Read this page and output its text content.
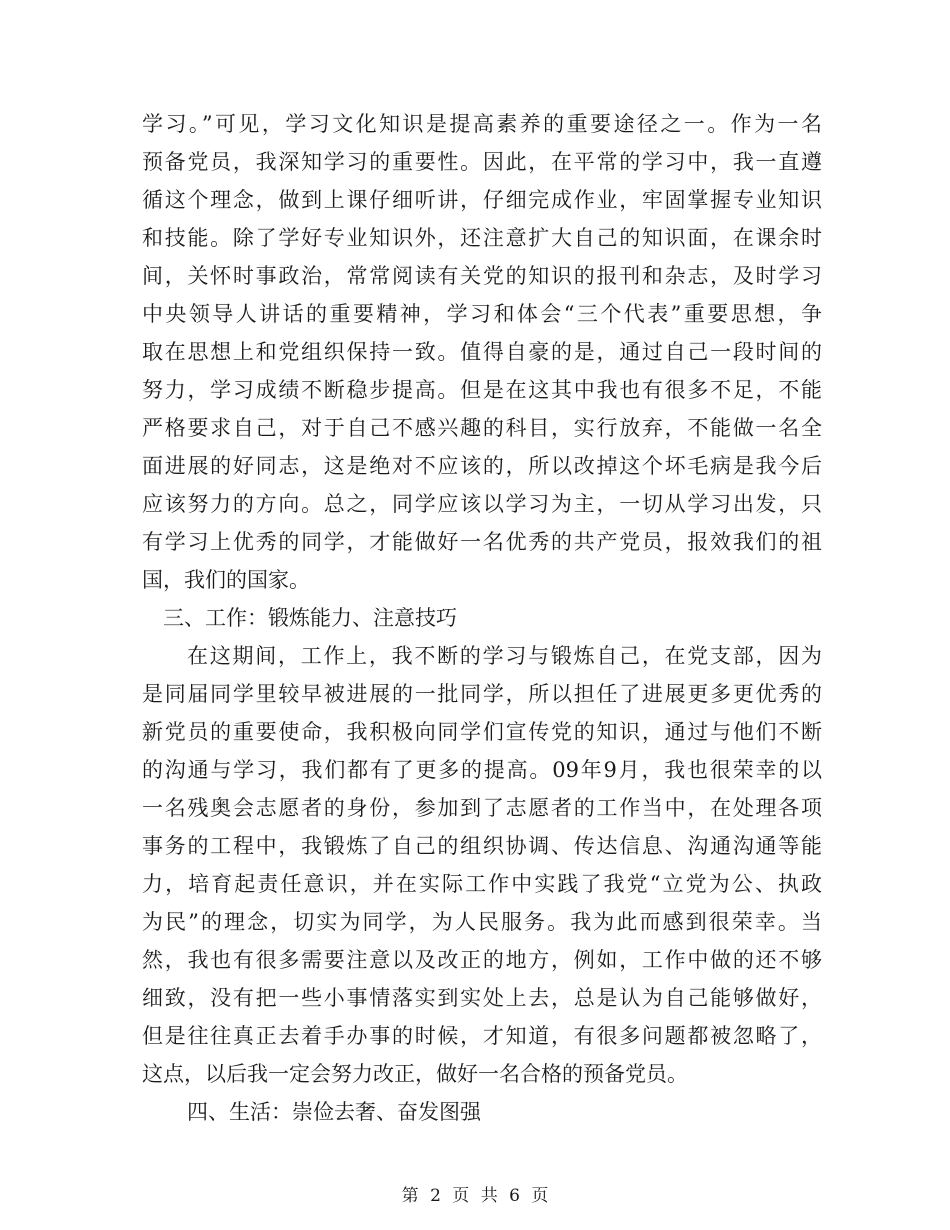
学习。”可见，学习文化知识是提高素养的重要途径之一。作为一名
预备党员，我深知学习的重要性。因此，在平常的学习中，我一直遵
循这个理念，做到上课仔细听讲，仔细完成作业，牢固掌握专业知识
和技能。除了学好专业知识外，还注意扩大自己的知识面，在课余时
间，关怀时事政治，常常阅读有关党的知识的报刊和杂志，及时学习
中央领导人讲话的重要精神，学习和体会“三个代表”重要思想，争
取在思想上和党组织保持一致。值得自豪的是，通过自己一段时间的
努力，学习成绩不断稳步提高。但是在这其中我也有很多不足，不能
严格要求自己，对于自己不感兴趣的科目，实行放弃，不能做一名全
面进展的好同志，这是绝对不应该的，所以改掉这个坏毛病是我今后
应该努力的方向。总之，同学应该以学习为主，一切从学习出发，只
有学习上优秀的同学，才能做好一名优秀的共产党员，报效我们的祖
国，我们的国家。
三、工作：锻炼能力、注意技巧
在这期间，工作上，我不断的学习与锻炼自己，在党支部，因为
是同届同学里较早被进展的一批同学，所以担任了进展更多更优秀的
新党员的重要使命，我积极向同学们宣传党的知识，通过与他们不断
的沟通与学习，我们都有了更多的提高。09年9月，我也很荣幸的以
一名残奥会志愿者的身份，参加到了志愿者的工作当中，在处理各项
事务的工程中，我锻炼了自己的组织协调、传达信息、沟通沟通等能
力，培育起责任意识，并在实际工作中实践了我党“立党为公、执政
为民”的理念，切实为同学，为人民服务。我为此而感到很荣幸。当
然，我也有很多需要注意以及改正的地方，例如，工作中做的还不够
细致，没有把一些小事情落实到实处上去，总是认为自己能够做好，
但是往往真正去着手办事的时候，才知道，有很多问题都被忽略了，
这点，以后我一定会努力改正，做好一名合格的预备党员。
四、生活：崇俭去奢、奋发图强
第 2 页 共 6 页
